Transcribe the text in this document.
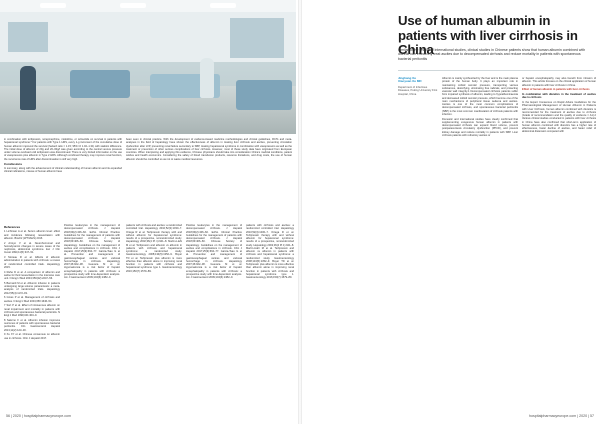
in combination with terlipressin, norepinephrine, midodrine, or octreotide on survival in patients with hepatorenal syndrome.* For patients with Type 1 HRS, every 1-g increment of the cumulative dose of human albumin improved the survival (hazard ratio = 1.15; 95% CI 1.02–1.31) with statistic difference. The initial dose of albumin of 20g and 20–60g/l was given according to the central venous pressure under volume overload until terlipressin was discontinued. There is very limited information on the use of vasopressors plus albumin in Type 2 HRS. Although combined therapy may improve renal function, the recurrence rate of HRS after discontinuation is still very high.

Conclusions

In summary, along with the advancement of clinical understanding of human albumin and its expanded clinical indications, misuse of human albumin have

been seen in clinical practice. With the development of evidence-based medicine methodologies and clinical guidelines, RCTs and meta-analyses in the field of hepatology have shown the effectiveness of albumin in treating liver cirrhosis and ascites, preventing circulation dysfunction after LVP, preventing renal failure secondary to SBP, treating hepatorenal syndrome in combination with vasopressors as well as the treatment or prevention of other serious complications of liver cirrhosis. However, most of these study data have originated from European countries. When interpreting and applying this evidence, Chinese physicians should take into consideration China’s medical conditions, patient wishes and health economics. Considering the safety of blood transfusion products, resource limitations, and drug costs, the use of human albumin should be controlled so as not to waste medical resources.

References

1 Lichtman A et al. Serum albumin level: effect and incidence following resuscitation with albumin. Biochir (WTVAHS) 2016

2 Arroyo V et al. Neurohormonal and hemodynamic changes in severe cases of the nephrosis, abdominal syndrome. Eur J Clin Invest 1994;11(5):347–51.

3 Moreau R et al. Effects of albumin administration in patients with cirrhosis: a review of randomized controlled trials. Hepatology 2015.

4 Rahe D et al. A comparison of albumin and saline for fluid resuscitation in the intensive care unit. N Engl J Med 2004;350(22):2247–56.

5 Bernardi M et al. Albumin infusion in patients undergoing large-volume paracentesis: a meta-analysis of randomized trials. Hepatology 2012;55(4):1172–81.

6 Gines P et al. Management of cirrhosis and ascites. N Engl J Med 2004;350:1646–54.

7 Sort P et al. Effect of intravenous albumin on renal impairment and mortality in patients with cirrhosis and spontaneous bacterial peritonitis. N Engl J Med 1999;341:403–9.

8 Salerno F et al. Albumin infusion improves outcomes of patients with spontaneous bacterial peritonitis. Clin Gastroenterol Hepatol 2013;11(2):123–30.

9 Xu XY et al. Chinese consensus on albumin use in cirrhosis. Chin J Hepatol 2017.

Positive leukocytes in the management of decompensated cirrhosis. J Hepatol 2018;69(2):406–60. EASL Clinical Practice Guidelines for the management of patients with decompensated cirrhosis. J Hepatol 2018;69:406–60. Chinese Society of Hepatology. Guidelines on the management of ascites and complications in cirrhosis. Chin J Hepatol 2017;25(9):664–77. Garcia-Tsao G et al. Prevention and management of gastroesophageal varices and variceal hemorrhage in cirrhosis. Hepatology 2007;46:922–38. Guevara M et al. Hyponatremia is a risk factor of hepatic encephalopathy in patients with cirrhosis: a prospective study with time-dependent analysis. Am J Gastroenterol 2009;104(6):1382–9.

patients with cirrhosis and ascites: a randomized controlled trial. Hepatology 2010;52(3):1030–7. Ortega R et al. Terlipressin therapy with and without albumin for hepatorenal syndrome: results of a prospective, nonrandomized study. Hepatology 2002;36(4 Pt 1):941–8. Martín-Llahí M et al. Terlipressin and albumin vs albumin in patients with cirrhosis and hepatorenal syndrome: a randomized study. Gastroenterology 2008;134(5):1352–9. Boyer TD et al. Terlipressin plus albumin is more effective than albumin alone in improving renal function in patients with cirrhosis and hepatorenal syndrome type 1. Gastroenterology 2016;150(7):1579–89.

Positive leukocytes in the management of decompensated cirrhosis. J Hepatol 2018;69(2):406–60. EASL Clinical Practice Guidelines for the management of patients with decompensated cirrhosis. J Hepatol 2018;69:406–60. Chinese Society of Hepatology. Guidelines on the management of ascites and complications in cirrhosis. Chin J Hepatol 2017;25(9):664–77. Garcia-Tsao G et al. Prevention and management of gastroesophageal varices and variceal hemorrhage in cirrhosis. Hepatology 2007;46:922–38. Guevara M et al. Hyponatremia is a risk factor of hepatic encephalopathy in patients with cirrhosis: a prospective study with time-dependent analysis. Am J Gastroenterol 2009;104(6):1382–9.

patients with cirrhosis and ascites: a randomized controlled trial. Hepatology 2010;52(3):1030–7. Ortega R et al. Terlipressin therapy with and without albumin for hepatorenal syndrome: results of a prospective, nonrandomized study. Hepatology 2002;36(4 Pt 1):941–8. Martín-Llahí M et al. Terlipressin and albumin vs albumin in patients with cirrhosis and hepatorenal syndrome: a randomized study. Gastroenterology 2008;134(5):1352–9. Boyer TD et al. Terlipressin plus albumin is more effective than albumin alone in improving renal function in patients with cirrhosis and hepatorenal syndrome type 1. Gastroenterology 2016;150(7):1579–89.

56 | 2020 | hospitalpharmacyeurope.com
Use of human albumin in patients with liver cirrhosis in China
Similar to the results of international studies, clinical studies in Chinese patients show that human albumin combined with diuretic can effectively treat ascites due to decompensated cirrhosis and reduce mortality in patients with spontaneous bacterial peritonitis
Jinghang Xu
Xiaoyuan Xu MD
Department of Infectious Diseases, Peking University First Hospital, China

Albumin is mainly synthesized by the liver and is the main plasma protein of the human body. It plays an important role in maintaining colloid osmotic pressure, transporting various substances, detoxifying, eliminating free radicals, and protecting vascular wall integrity.1 Decompensated cirrhosis patients suffer from impaired synthesis of albumin, leading to hypoalbuminaemia and decreased colloid osmotic pressure, which become one of the main mechanisms of peripheral tissue oedema and ascites. Ascites is one of the most common complications of decompensated cirrhosis, and spontaneous bacterial peritonitis (SBP) is the most common manifestation of cirrhosis patients with infection.

Domestic and international studies have clearly confirmed that supplementing exogenous human albumin in patients with decompensated cirrhosis can expand blood volume, prevent postparacentesis circulatory dysfunction (PPCD), and prevent kidney damage and reduce mortality in patients with SBP. Liver cirrhosis patients with refractory ascites or

or hepatic encephalopathy may also benefit from infusion of albumin. This article focuses on the clinical application of human albumin in patients with liver cirrhosis in China.

Effect of human albumin in patients with liver cirrhosis

In combination with diuretics in the treatment of ascites due to cirrhosis

In the Expert Consensus on Rapid Advice Guidelines for the Pharmacological Management of Human Albumin in Patients with Liver Cirrhosis, human albumin combined with diuretics is recommended for the treatment of ascites due to cirrhosis (Grade of recommendation and the quality of evidence = A1).2 Various clinical studies conducted in patients with liver cirrhosis in China have also confirmed that short-term application of human albumin combined with diuretics has a higher rate of effectiveness, faster decline of ascites, and faster relief of abdominal distension compared with

hospitalpharmacyeurope.com | 2020 | 57
